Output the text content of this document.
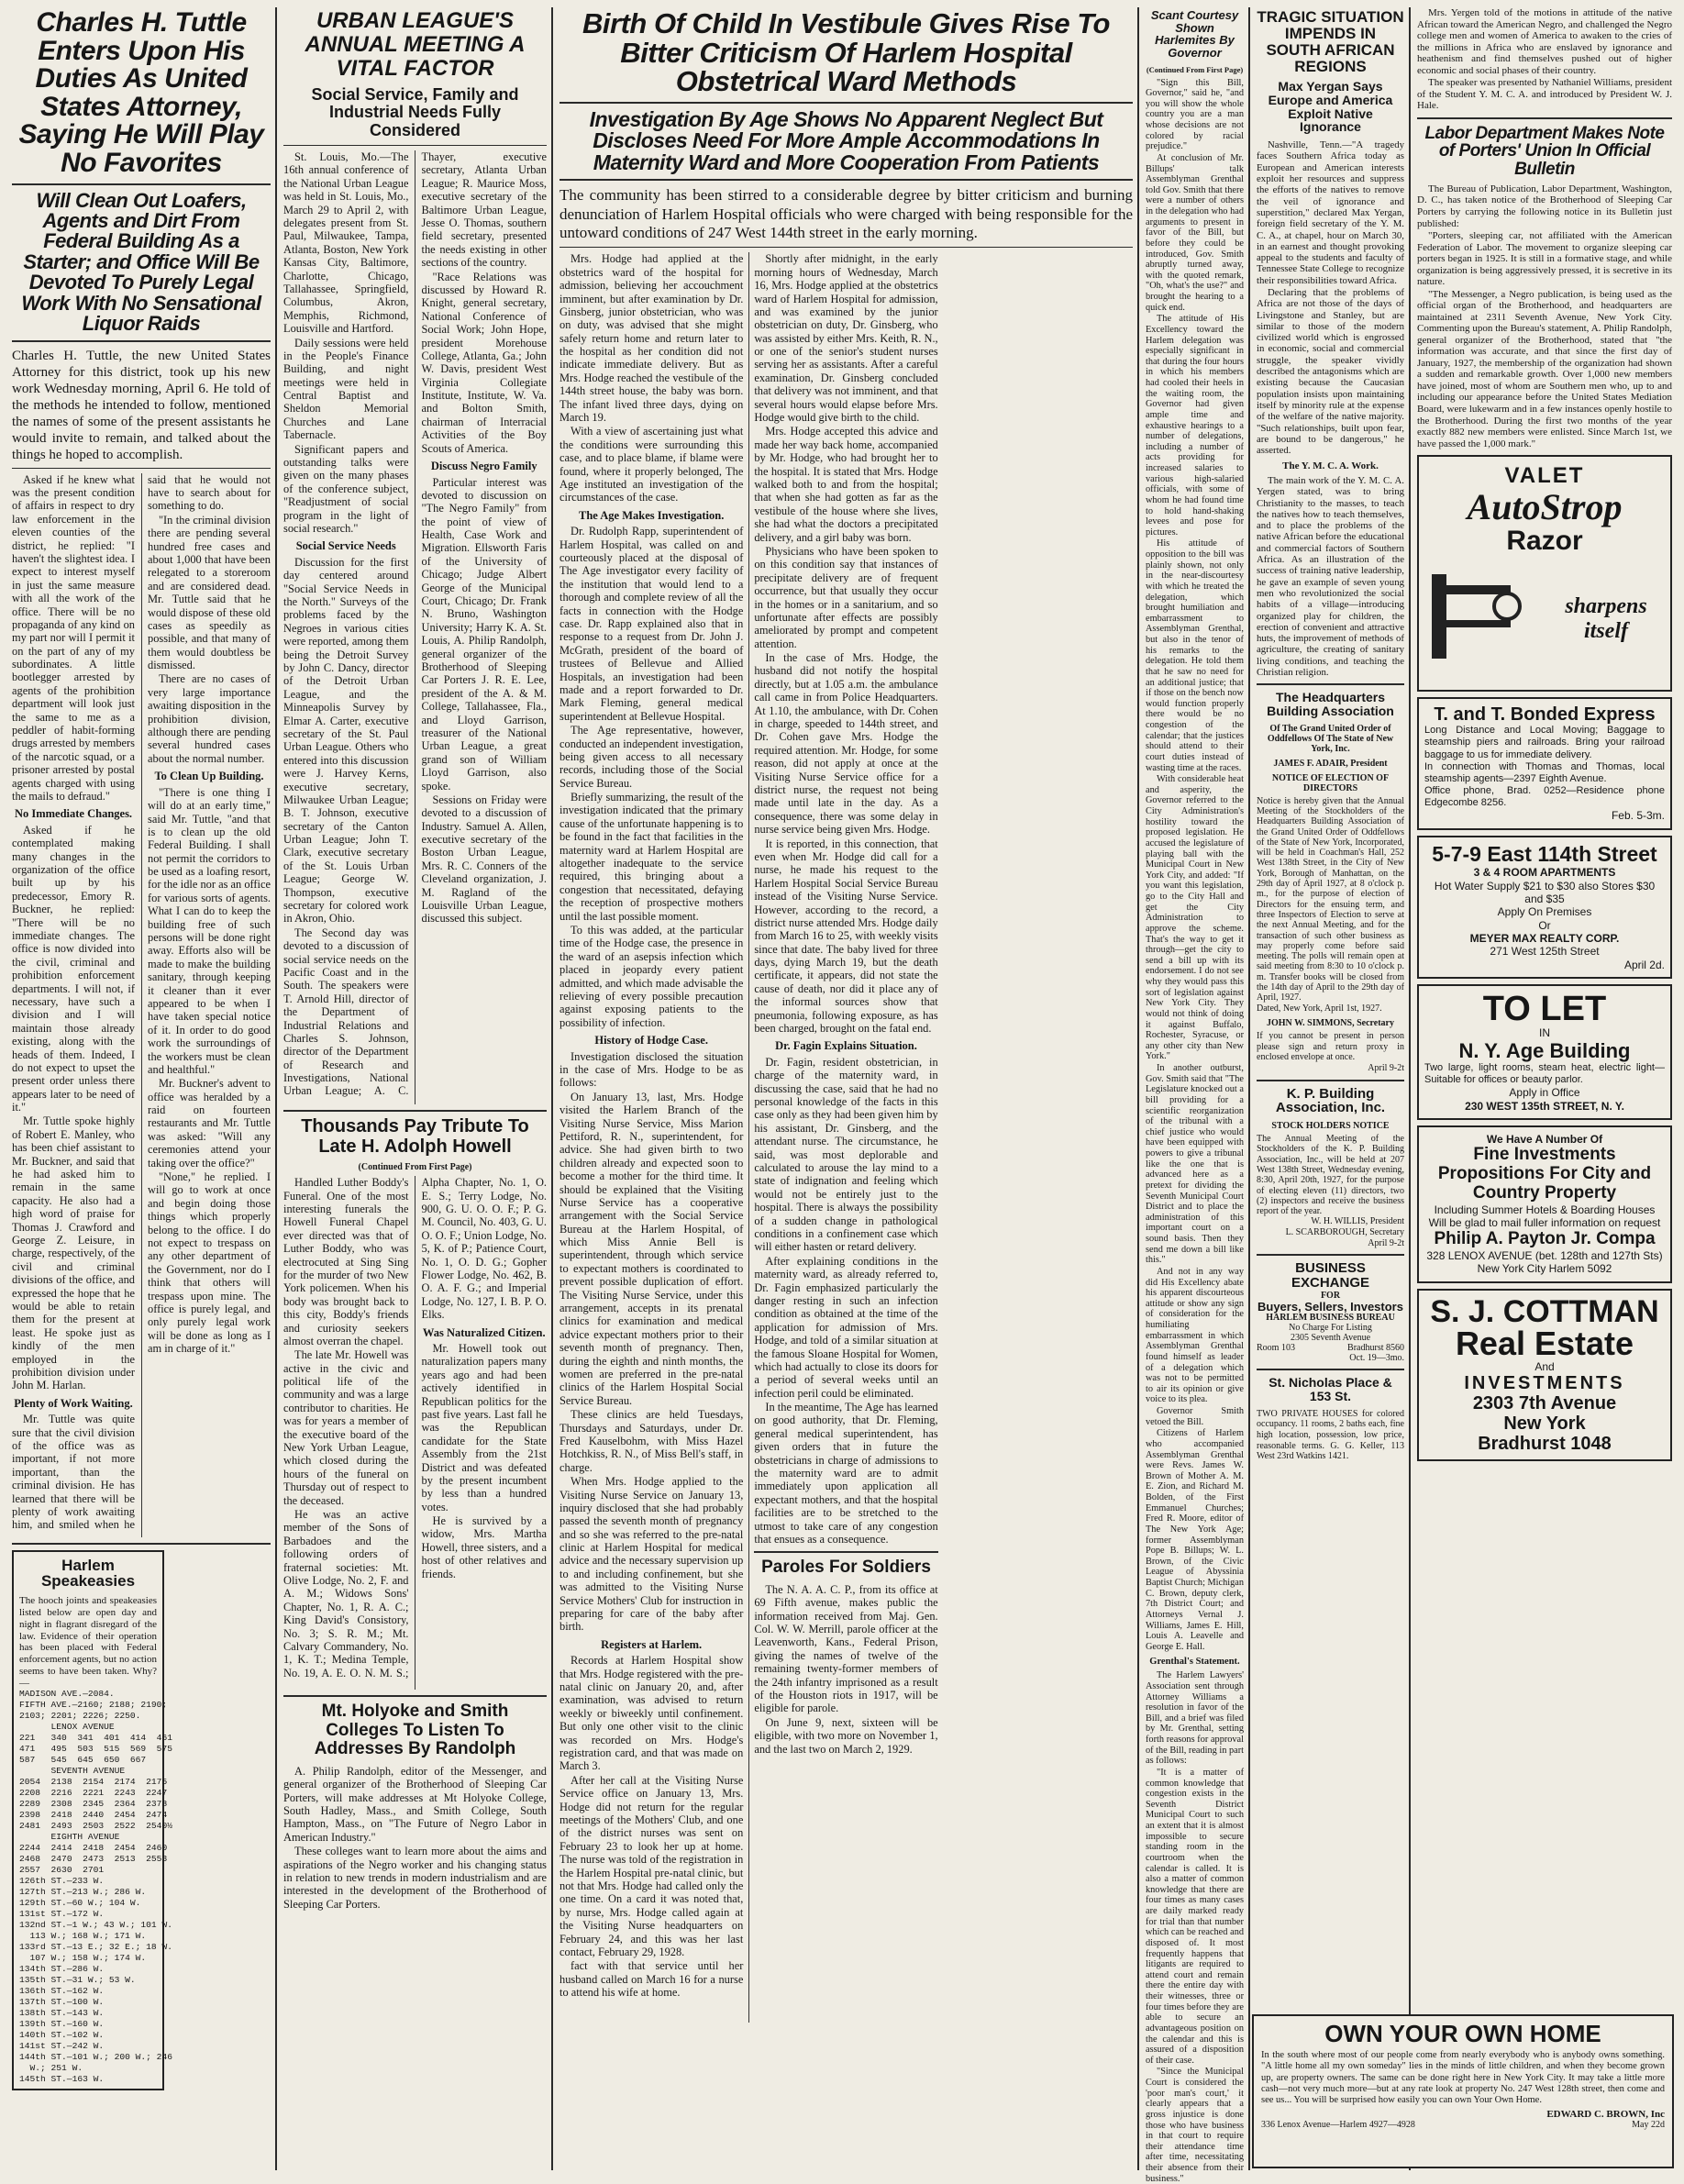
Charles H. Tuttle Enters Upon His Duties As United States Attorney, Saying He Will Play No Favorites
Will Clean Out Loafers, Agents and Dirt From Federal Building As a Starter; and Office Will Be Devoted To Purely Legal Work With No Sensational Liquor Raids
Charles H. Tuttle, the new United States Attorney for this district, took up his new work Wednesday morning, April 6. He told of the methods he intended to follow, mentioned the names of some of the present assistants he would invite to remain, and talked about the things he hoped to accomplish.

Asked if he knew what was the present condition of affairs in respect to dry law enforcement in the eleven counties of the district, he replied: "I haven't the slightest idea. I expect to interest myself in just the same measure with all the work of the office. There will be no propaganda of any kind on my part nor will I permit it on the part of any of my subordinates. A little bootlegger arrested by agents of the prohibition department will look just the same to me as a peddler of habit-forming drugs arrested by members of the narcotic squad, or a prisoner arrested by postal agents charged with using the mails to defraud."

No Immediate Changes.

Asked if he contemplated making many changes in the organization of the office built up by his predecessor, Emory R. Buckner, he replied: "There will be no immediate changes. The office is now divided into the civil, criminal and prohibition enforcement departments. I will not, if necessary, have such a division and I will maintain those already existing, along with the heads of them. Indeed, I do not expect to upset the present order unless there appears later to be need of it."

Mr. Tuttle spoke highly of Robert E. Manley, who has been chief assistant to Mr. Buckner, and said that he had asked him to remain in the same capacity. He also had a high word of praise for Thomas J. Crawford and George Z. Leisure, in charge, respectively, of the civil and criminal divisions of the office, and expressed the hope that he would be able to retain them for the present at least. He spoke just as kindly of the men employed in the prohibition division under John M. Harlan.

Plenty of Work Waiting.

Mr. Tuttle was quite sure that the civil division of the office was as important, if not more important, than the criminal division. He has learned that there will be plenty of work awaiting him, and smiled when he said that he would not have to search about for something to do.

"In the criminal division there are pending several hundred free cases and about 1,000 that have been relegated to a storeroom and are considered dead. Mr. Tuttle said that he would dispose of these old cases as speedily as possible, and that many of them would doubtless be dismissed.

There are no cases of very large importance awaiting disposition in the prohibition division, although there are pending several hundred cases about the normal number.

To Clean Up Building.

"There is one thing I will do at an early time," said Mr. Tuttle, "and that is to clean up the old Federal Building. I shall not permit the corridors to be used as a loafing resort, for the idle nor as an office for various sorts of agents. What I can do to keep the building free of such persons will be done right away. Efforts also will be made to make the building sanitary, through keeping it cleaner than it ever appeared to be when I have taken special notice of it. In order to do good work the surroundings of the workers must be clean and healthful."

Mr. Buckner's advent to office was heralded by a raid on fourteen restaurants and Mr. Tuttle was asked: "Will any ceremonies attend your taking over the office?"

"None," he replied. I will go to work at once and begin doing those things which properly belong to the office. I do not expect to trespass on any other department of the Government, nor do I think that others will trespass upon mine. The office is purely legal, and only purely legal work will be done as long as I am in charge of it."

Harlem Speakeasies
The hooch joints and speakeasies listed below are open day and night in flagrant disregard of the law. Evidence of their operation has been placed with Federal enforcement agents, but no action seems to have been taken. Why? —
MADISON AVE.—2084.
FIFTH AVE.—2160; 2188; 2190;
2103; 2201; 2226; 2250.
LENOX AVENUE
221   340  341  401  414  461
471   495  503  515  569  575
587   545  645  650  667
SEVENTH AVENUE
2054  2138  2154  2174  2175
2208  2216  2221  2243  2247
2289  2308  2345  2364  2378
2398  2418  2440  2454  2474
2481  2493  2503  2522  2540½
EIGHTH AVENUE
2244  2414  2418  2454  2460
2468  2470  2473  2513  2553
2557  2630  2701
126th ST.—233 W.
127th ST.—213 W.; 286 W.
129th ST.—60 W.; 104 W.
131st ST.—172 W.
132nd ST.—1 W.; 43 W.; 101 W.
113 W.; 168 W.; 171 W.
133rd ST.—13 E.; 32 E.; 18 W.
107 W.; 158 W.; 174 W.
134th ST.—286 W.
135th ST.—31 W.; 53 W.
136th ST.—162 W.
137th ST.—100 W.
138th ST.—143 W.
139th ST.—160 W.
140th ST.—102 W.
141st ST.—242 W.
144th ST.—101 W.; 200 W.; 246
W.; 251 W.
145th ST.—163 W.
URBAN LEAGUE'S ANNUAL MEETING A VITAL FACTOR
Social Service, Family and Industrial Needs Fully Considered

St. Louis, Mo.—The 16th annual conference of the National Urban League was held in St. Louis, Mo., March 29 to April 2, with delegates present from St. Paul, Milwaukee, Tampa, Atlanta, Boston, New York Kansas City, Baltimore, Charlotte, Chicago, Tallahassee, Springfield, Columbus, Akron, Memphis, Richmond, Louisville and Hartford.

Daily sessions were held in the People's Finance Building, and night meetings were held in Central Baptist and Sheldon Memorial Churches and Lane Tabernacle.

Significant papers and outstanding talks were given on the many phases of the conference subject, "Readjustment of social program in the light of social research."

Social Service Needs

Discussion for the first day centered around "Social Service Needs in the North." Surveys of the problems faced by the Negroes in various cities were reported, among them being the Detroit Survey by John C. Dancy, director of the Detroit Urban League, and the Minneapolis Survey by Elmar A. Carter, executive secretary of the St. Paul Urban League. Others who entered into this discussion were J. Harvey Kerns, executive secretary, Milwaukee Urban League; B. T. Johnson, executive secretary of the Canton Urban League; John T. Clark, executive secretary of the St. Louis Urban League; George W. Thompson, executive secretary for colored work in Akron, Ohio.

The Second day was devoted to a discussion of social service needs on the Pacific Coast and in the South. The speakers were T. Arnold Hill, director of the Department of Industrial Relations and Charles S. Johnson, director of the Department of Research and Investigations, National Urban League; A. C. Thayer, executive secretary, Atlanta Urban League; R. Maurice Moss, executive secretary of the Baltimore Urban League, Jesse O. Thomas, southern field secretary, presented the needs existing in other sections of the country.

"Race Relations was discussed by Howard R. Knight, general secretary, National Conference of Social Work; John Hope, president Morehouse College, Atlanta, Ga.; John W. Davis, president West Virginia Collegiate Institute, Institute, W. Va. and Bolton Smith, chairman of Interracial Activities of the Boy Scouts of America.

Discuss Negro Family

Particular interest was devoted to discussion on "The Negro Family" from the point of view of Health, Case Work and Migration. Ellsworth Faris of the University of Chicago; Judge Albert George of the Municipal Court, Chicago; Dr. Frank N. Bruno, Washington University; Harry K. A. St. Louis, A. Philip Randolph, general organizer of the Brotherhood of Sleeping Car Porters J. R. E. Lee, president of the A. & M. College, Tallahassee, Fla., and Lloyd Garrison, treasurer of the National Urban League, a great grand son of William Lloyd Garrison, also spoke.

Sessions on Friday were devoted to a discussion of Industry. Samuel A. Allen, executive secretary of the Boston Urban League, Mrs. R. C. Conners of the Cleveland organization, J. M. Ragland of the Louisville Urban League, discussed this subject.

Thousands Pay Tribute To Late H. Adolph Howell
(Continued From First Page)

Handled Luther Boddy's Funeral. One of the most interesting funerals the Howell Funeral Chapel ever directed was that of Luther Boddy, who was electrocuted at Sing Sing for the murder of two New York policemen. When his body was brought back to this city, Boddy's friends and curiosity seekers almost overran the chapel.

The late Mr. Howell was active in the civic and political life of the community and was a large contributor to charities. He was for years a member of the executive board of the New York Urban League, which closed during the hours of the funeral on Thursday out of respect to the deceased.

He was an active member of the Sons of Barbadoes and the following orders of fraternal societies: Mt. Olive Lodge, No. 2, F. and A. M.; Widows Sons' Chapter, No. 1, R. A. C.; King David's Consistory, No. 3; S. R. M.; Mt. Calvary Commandery, No. 1, K. T.; Medina Temple, No. 19, A. E. O. N. M. S.; Alpha Chapter, No. 1, O. E. S.; Terry Lodge, No. 900, G. U. O. O. F.; P. G. M. Council, No. 403, G. U. O. O. F.; Union Lodge, No. 5, K. of P.; Patience Court, No. 1, O. D. G.; Gopher Flower Lodge, No. 462, B. O. A. F. G.; and Imperial Lodge, No. 127, I. B. P. O. Elks.

Was Naturalized Citizen.

Mr. Howell took out naturalization papers many years ago and had been actively identified in Republican politics for the past five years. Last fall he was the Republican candidate for the State Assembly from the 21st District and was defeated by the present incumbent by less than a hundred votes.

He is survived by a widow, Mrs. Martha Howell, three sisters, and a host of other relatives and friends.

Mt. Holyoke and Smith Colleges To Listen To Addresses By Randolph

A. Philip Randolph, editor of the Messenger, and general organizer of the Brotherhood of Sleeping Car Porters, will make addresses at Mt Holyoke College, South Hadley, Mass., and Smith College, South Hampton, Mass., on "The Future of Negro Labor in American Industry."

These colleges want to learn more about the aims and aspirations of the Negro worker and his changing status in relation to new trends in modern industrialism and are interested in the development of the Brotherhood of Sleeping Car Porters.

Birth Of Child In Vestibule Gives Rise To Bitter Criticism Of Harlem Hospital Obstetrical Ward Methods
Investigation By Age Shows No Apparent Neglect But Discloses Need For More Ample Accommodations In Maternity Ward and More Cooperation From Patients
The community has been stirred to a considerable degree by bitter criticism and burning denunciation of Harlem Hospital officials who were charged with being responsible for the untoward conditions of 247 West 144th street in the early morning.

Mrs. Hodge had applied at the obstetrics ward of the hospital for admission, believing her accouchment imminent, but after examination by Dr. Ginsberg, junior obstetrician, who was on duty, was advised that she might safely return home and return later to the hospital as her condition did not indicate immediate delivery. But as Mrs. Hodge reached the vestibule of the 144th street house, the baby was born. The infant lived three days, dying on March 19.

With a view of ascertaining just what the conditions were surrounding this case, and to place blame, if blame were found, where it properly belonged, The Age instituted an investigation of the circumstances of the case.

The Age Makes Investigation.

Dr. Rudolph Rapp, superintendent of Harlem Hospital, was called on and courteously placed at the disposal of The Age investigator every facility of the institution that would lend to a thorough and complete review of all the facts in connection with the Hodge case. Dr. Rapp explained also that in response to a request from Dr. John J. McGrath, president of the board of trustees of Bellevue and Allied Hospitals, an investigation had been made and a report forwarded to Dr. Mark Fleming, general medical superintendent at Bellevue Hospital.

The Age representative, however, conducted an independent investigation, being given access to all necessary records, including those of the Social Service Bureau.

Briefly summarizing, the result of the investigation indicated that the primary cause of the unfortunate happening is to be found in the fact that facilities in the maternity ward at Harlem Hospital are altogether inadequate to the service required, this bringing about a congestion that necessitated, defaying the reception of prospective mothers until the last possible moment.

To this was added, at the particular time of the Hodge case, the presence in the ward of an asepsis infection which placed in jeopardy every patient admitted, and which made advisable the relieving of every possible precaution against exposing patients to the possibility of infection.

History of Hodge Case.

Investigation disclosed the situation in the case of Mrs. Hodge to be as follows:

On January 13, last, Mrs. Hodge visited the Harlem Branch of the Visiting Nurse Service, Miss Marion Pettiford, R. N., superintendent, for advice. She had given birth to two children already and expected soon to become a mother for the third time. It should be explained that the Visiting Nurse Service has a cooperative arrangement with the Social Service Bureau at the Harlem Hospital, of which Miss Annie Bell is superintendent, through which service to expectant mothers is coordinated to prevent possible duplication of effort. The Visiting Nurse Service, under this arrangement, accepts in its prenatal clinics for examination and medical advice expectant mothers prior to their seventh month of pregnancy. Then, during the eighth and ninth months, the women are preferred in the pre-natal clinics of the Harlem Hospital Social Service Bureau.

These clinics are held Tuesdays, Thursdays and Saturdays, under Dr. Fred Kauselbohm, with Miss Hazel Hotchkiss, R. N., of Miss Bell's staff, in charge.

When Mrs. Hodge applied to the Visiting Nurse Service on January 13, inquiry disclosed that she had probably passed the seventh month of pregnancy and so she was referred to the pre-natal clinic at Harlem Hospital for medical advice and the necessary supervision up to and including confinement, but she was admitted to the Visiting Nurse Service Mothers' Club for instruction in preparing for care of the baby after birth.

Registers at Harlem.

Records at Harlem Hospital show that Mrs. Hodge registered with the pre-natal clinic on January 20, and, after examination, was advised to return weekly or biweekly until confinement. But only one other visit to the clinic was recorded on Mrs. Hodge's registration card, and that was made on March 3.

After her call at the Visiting Nurse Service office on January 13, Mrs. Hodge did not return for the regular meetings of the Mothers' Club, and one of the district nurses was sent on February 23 to look her up at home. The nurse was told of the registration in the Harlem Hospital pre-natal clinic, but not that Mrs. Hodge had called only the one time. On a card it was noted that, by nurse, Mrs. Hodge called again at the Visiting Nurse headquarters on February 24, and this was her last contact, February 29, 1928.

fact with that service until her husband called on March 16 for a nurse to attend his wife at home.

Shortly after midnight, in the early morning hours of Wednesday, March 16, Mrs. Hodge applied at the obstetrics ward of Harlem Hospital for admission, and was examined by the junior obstetrician on duty, Dr. Ginsberg, who was assisted by either Mrs. Keith, R. N., or one of the senior's student nurses serving her as assistants. After a careful examination, Dr. Ginsberg concluded that delivery was not imminent, and that several hours would elapse before Mrs. Hodge would give birth to the child.

Mrs. Hodge accepted this advice and made her way back home, accompanied by Mr. Hodge, who had brought her to the hospital. It is stated that Mrs. Hodge walked both to and from the hospital; that when she had gotten as far as the vestibule of the house where she lives, she had what the doctors a precipitated delivery, and a girl baby was born.

Physicians who have been spoken to on this condition say that instances of precipitate delivery are of frequent occurrence, but that usually they occur in the homes or in a sanitarium, and so unfortunate after effects are possibly ameliorated by prompt and competent attention.

In the case of Mrs. Hodge, the husband did not notify the hospital directly, but at 1.05 a.m. the ambulance call came in from Police Headquarters. At 1.10, the ambulance, with Dr. Cohen in charge, speeded to 144th street, and Dr. Cohen gave Mrs. Hodge the required attention. Mr. Hodge, for some reason, did not apply at once at the Visiting Nurse Service office for a district nurse, the request not being made until late in the day. As a consequence, there was some delay in nurse service being given Mrs. Hodge.

It is reported, in this connection, that even when Mr. Hodge did call for a nurse, he made his request to the Harlem Hospital Social Service Bureau instead of the Visiting Nurse Service. However, according to the record, a district nurse attended Mrs. Hodge daily from March 16 to 25, with weekly visits since that date. The baby lived for three days, dying March 19, but the death certificate, it appears, did not state the cause of death, nor did it place any of the informal sources show that pneumonia, following exposure, as has been charged, brought on the fatal end.

Dr. Fagin Explains Situation.

Dr. Fagin, resident obstetrician, in charge of the maternity ward, in discussing the case, said that he had no personal knowledge of the facts in this case only as they had been given him by his assistant, Dr. Ginsberg, and the attendant nurse. The circumstance, he said, was most deplorable and calculated to arouse the lay mind to a state of indignation and feeling which would not be entirely just to the hospital. There is always the possibility of a sudden change in pathological conditions in a confinement case which will either hasten or retard delivery.

After explaining conditions in the maternity ward, as already referred to, Dr. Fagin emphasized particularly the danger resting in such an infection condition as obtained at the time of the application for admission of Mrs. Hodge, and told of a similar situation at the famous Sloane Hospital for Women, which had actually to close its doors for a period of several weeks until an infection peril could be eliminated.

In the meantime, The Age has learned on good authority, that Dr. Fleming, general medical superintendent, has given orders that in future the obstetricians in charge of admissions to the maternity ward are to admit immediately upon application all expectant mothers, and that the hospital facilities are to be stretched to the utmost to take care of any congestion that ensues as a consequence.

Paroles For Soldiers

The N. A. A. C. P., from its office at 69 Fifth avenue, makes public the information received from Maj. Gen. Col. W. W. Merrill, parole officer at the Leavenworth, Kans., Federal Prison, giving the names of twelve of the remaining twenty-former members of the 24th infantry imprisoned as a result of the Houston riots in 1917, will be eligible for parole.

On June 9, next, sixteen will be eligible, with two more on November 1, and the last two on March 2, 1929.

Scant Courtesy Shown Harlemites By Governor
(Continued From First Page)

"Sign this Bill, Governor," said he, "and you will show the whole country you are a man whose decisions are not colored by racial prejudice."

At conclusion of Mr. Billups' talk Assemblyman Grenthal told Gov. Smith that there were a number of others in the delegation who had arguments to present in favor of the Bill, but before they could be introduced, Gov. Smith abruptly turned away, with the quoted remark, "Oh, what's the use?" and brought the hearing to a quick end.

The attitude of His Excellency toward the Harlem delegation was especially significant in that during the four hours in which his members had cooled their heels in the waiting room, the Governor had given ample time and exhaustive hearings to a number of delegations, including a number of acts providing for increased salaries to various high-salaried officials, with some of whom he had found time to hold hand-shaking levees and pose for pictures.

His attitude of opposition to the bill was plainly shown, not only in the near-discourtesy with which he treated the delegation, which brought humiliation and embarrassment to Assemblyman Grenthal, but also in the tenor of his remarks to the delegation. He told them that he saw no need for an additional justice; that if those on the bench now would function properly there would be no congestion of the calendar; that the justices should attend to their court duties instead of wasting time at the races.

With considerable heat and asperity, the Governor referred to the City Administration's hostility toward the proposed legislation. He accused the legislature of playing ball with the Municipal Court in New York City, and added: "If you want this legislation, go to the City Hall and get the City Administration to approve the scheme. That's the way to get it through—get the city to send a bill up with its endorsement. I do not see why they would pass this sort of legislation against New York City. They would not think of doing it against Buffalo, Rochester, Syracuse, or any other city than New York."

In another outburst, Gov. Smith said that "The Legislature knocked out a bill providing for a scientific reorganization of the tribunal with a chief justice who would have been equipped with powers to give a tribunal like the one that is advanced here as a pretext for dividing the Seventh Municipal Court District and to place the administration of this important court on a sound basis. Then they send me down a bill like this."

And not in any way did His Excellency abate his apparent discourteous attitude or show any sign of consideration for the humiliating embarrassment in which Assemblyman Grenthal found himself as leader of a delegation which was not to be permitted to air its opinion or give voice to its plea.

Governor Smith vetoed the Bill.

Citizens of Harlem who accompanied Assemblyman Grenthal were Revs. James W. Brown of Mother A. M. E. Zion, and Richard M. Bolden, of the First Emmanuel Churches; Fred R. Moore, editor of The New York Age; former Assemblyman Pope B. Billups; W. L. Brown, of the Civic League of Abyssinia Baptist Church; Michigan C. Brown, deputy clerk, 7th District Court; and Attorneys Vernal J. Williams, James E. Hill, Louis A. Leavelle and George E. Hall.

Grenthal's Statement.

The Harlem Lawyers' Association sent through Attorney Williams a resolution in favor of the Bill, and a brief was filed by Mr. Grenthal, setting forth reasons for approval of the Bill, reading in part as follows:

"It is a matter of common knowledge that congestion exists in the Seventh District Municipal Court to such an extent that it is almost impossible to secure standing room in the courtroom when the calendar is called. It is also a matter of common knowledge that there are four times as many cases are daily marked ready for trial than that number which can be reached and disposed of. It most frequently happens that litigants are required to attend court and remain there the entire day with their witnesses, three or four times before they are able to secure an advantageous position on the calendar and this is assured of a disposition of their case.

"Since the Municipal Court is considered the 'poor man's court,' it clearly appears that a gross injustice is done those who have business in that court to require their attendance time after time, necessitating their absence from their business."

TRAGIC SITUATION IMPENDS IN SOUTH AFRICAN REGIONS
Max Yergan Says Europe and America Exploit Native Ignorance

Nashville, Tenn.—"A tragedy faces Southern Africa today as European and American interests exploit her resources and suppress the efforts of the natives to remove the veil of ignorance and superstition," declared Max Yergan, foreign field secretary of the Y. M. C. A., at chapel, hour on March 30, in an earnest and thought provoking appeal to the students and faculty of Tennessee State College to recognize their responsibilities toward Africa.

Declaring that the problems of Africa are not those of the days of Livingstone and Stanley, but are similar to those of the modern civilized world which is engrossed in economic, social and commercial struggle, the speaker vividly described the antagonisms which are existing because the Caucasian population insists upon maintaining itself by minority rule at the expense of the welfare of the native majority. "Such relationships, built upon fear, are bound to be dangerous," he asserted.

The Y. M. C. A. Work.

The main work of the Y. M. C. A. Yergen stated, was to bring Christianity to the masses, to teach the natives how to teach themselves, and to place the problems of the native African before the educational and commercial factors of Southern Africa. As an illustration of the success of training native leadership, he gave an example of seven young men who revolutionized the social habits of a village—introducing organized play for children, the erection of convenient and attractive huts, the improvement of methods of agriculture, the creating of sanitary living conditions, and teaching the Christian religion.

The Headquarters Building Association
Of The Grand United Order of Oddfellows Of The State of New York, Inc.
JAMES F. ADAIR, President
NOTICE OF ELECTION OF DIRECTORS
Notice is hereby given that the Annual Meeting of the Stockholders of the Headquarters Building Association of the Grand United Order of Oddfellows of the State of New York, Incorporated, will be held in Coachman's Hall, 252 West 138th Street, in the City of New York, Borough of Manhattan, on the 29th day of April 1927, at 8 o'clock p. m., for the purpose of election of Directors for the ensuing term, and three Inspectors of Election to serve at the next Annual Meeting, and for the transaction of such other business as may properly come before said meeting. The polls will remain open at said meeting from 8:30 to 10 o'clock p. m. Transfer books will be closed from the 14th day of April to the 29th day of April, 1927.
Dated, New York, April 1st, 1927.
JOHN W. SIMMONS, Secretary
If you cannot be present in person please sign and return proxy in enclosed envelope at once.
April 9-2t
K. P. Building Association, Inc.
STOCK HOLDERS NOTICE
The Annual Meeting of the Stockholders of the K. P. Building Association, Inc., will be held at 207 West 138th Street, Wednesday evening, 8:30, April 20th, 1927, for the purpose of electing eleven (11) directors, two (2) inspectors and receive the business report of the year.
W. H. WILLIS, President
L. SCARBOROUGH, Secretary
April 9-2t
BUSINESS EXCHANGE
FOR
Buyers, Sellers, Investors
HARLEM BUSINESS BUREAU
No Charge For Listing
2305 Seventh Avenue
Room 103	Bradhurst 8560
Oct. 19—3mo.
St. Nicholas Place & 153 St.
TWO PRIVATE HOUSES for colored occupancy. 11 rooms, 2 baths each, fine high location, possession, low price, reasonable terms. G. G. Keller, 113 West 23rd Watkins 1421.
OWN YOUR OWN HOME
In the south where most of our people come from nearly everybody who is anybody owns something. "A little home all my own someday" lies in the minds of little children, and when they become grown up, are property owners. The same can be done right here in New York City. It may take a little more cash—not very much more—but at any rate look at property No. 247 West 128th street, then come and see us... You will be surprised how easily you can own Your Own Home.
EDWARD C. BROWN, Inc
336 Lenox Avenue—Harlem 4927—4928	May 22d

Mrs. Yergen told of the motions in attitude of the native African toward the American Negro, and challenged the Negro college men and women of America to awaken to the cries of the millions in Africa who are enslaved by ignorance and heathenism and find themselves pushed out of higher economic and social phases of their country.

The speaker was presented by Nathaniel Williams, president of the Student Y. M. C. A. and introduced by President W. J. Hale.

Labor Department Makes Note of Porters' Union In Official Bulletin

The Bureau of Publication, Labor Department, Washington, D. C., has taken notice of the Brotherhood of Sleeping Car Porters by carrying the following notice in its Bulletin just published:

"Porters, sleeping car, not affiliated with the American Federation of Labor. The movement to organize sleeping car porters began in 1925. It is still in a formative stage, and while organization is being aggressively pressed, it is secretive in its nature.

"The Messenger, a Negro publication, is being used as the official organ of the Brotherhood, and headquarters are maintained at 2311 Seventh Avenue, New York City. Commenting upon the Bureau's statement, A. Philip Randolph, general organizer of the Brotherhood, stated that "the information was accurate, and that since the first day of January, 1927, the membership of the organization had shown a sudden and remarkable growth. Over 1,000 new members have joined, most of whom are Southern men who, up to and including our appearance before the United States Mediation Board, were lukewarm and in a few instances openly hostile to the Brotherhood. During the first two months of the year exactly 882 new members were enlisted. Since March 1st, we have passed the 1,000 mark."

VALET
AutoStrop
Razor
sharpens itself
T. and T. Bonded Express
Long Distance and Local Moving; Baggage to steamship piers and railroads. Bring your railroad baggage to us for immediate delivery.
In connection with Thomas and Thomas, local steamship agents—2397 Eighth Avenue.
Office phone, Brad. 0252—Residence phone Edgecombe 8256.
Feb. 5-3m.
5-7-9 East 114th Street
3 & 4 ROOM APARTMENTS
Hot Water Supply $21 to $30 also Stores $30 and $35
Apply On Premises
Or
MEYER MAX REALTY CORP.
271 West 125th Street
April 2d.
TO LET
IN
N. Y. Age Building
Two large, light rooms, steam heat, electric light—Suitable for offices or beauty parlor.
Apply in Office
230 WEST 135th STREET, N. Y.
We Have A Number Of
Fine Investments Propositions For City and Country Property
Including Summer Hotels & Boarding Houses
Will be glad to mail fuller information on request
Philip A. Payton Jr. Compa
328 LENOX AVENUE (bet. 128th and 127th Sts) New York City Harlem 5092
S. J. COTTMAN
Real Estate
And
INVESTMENTS
2303 7th Avenue
New York
Bradhurst 1048
